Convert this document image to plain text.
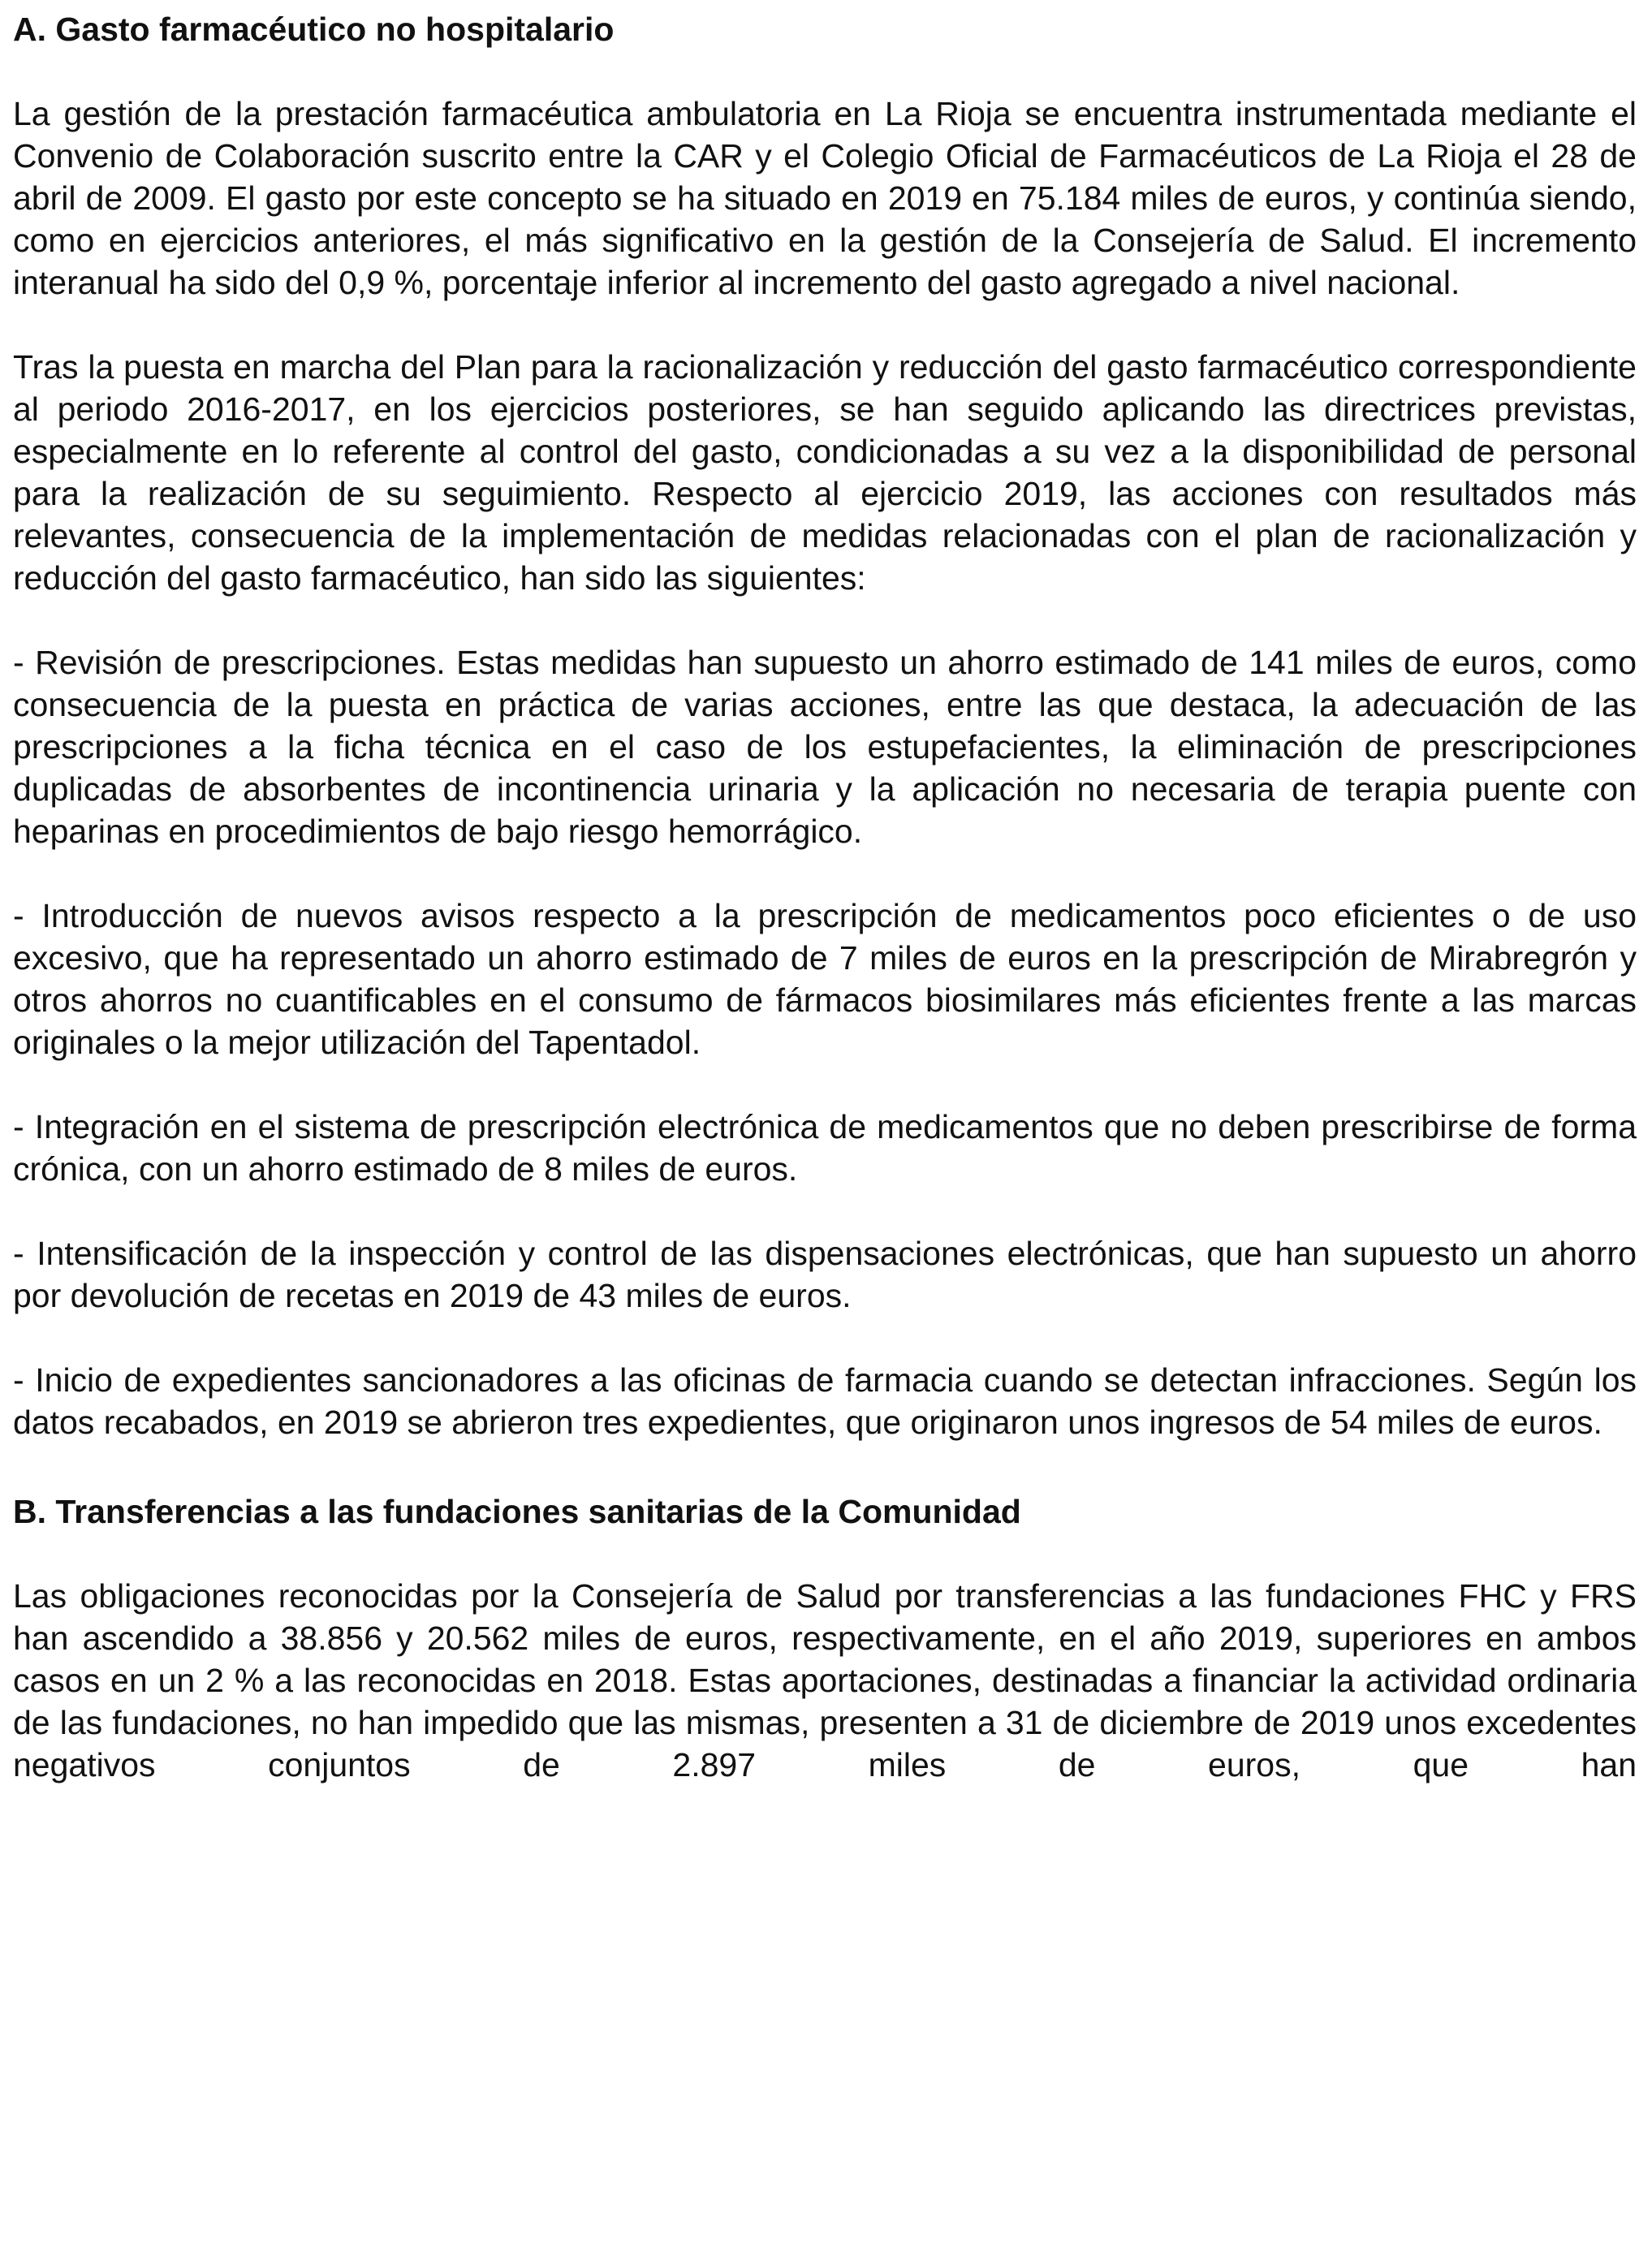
A. Gasto farmacéutico no hospitalario

La gestión de la prestación farmacéutica ambulatoria en La Rioja se encuentra instrumentada mediante el Convenio de Colaboración suscrito entre la CAR y el Colegio Oficial de Farmacéuticos de La Rioja el 28 de abril de 2009. El gasto por este concepto se ha situado en 2019 en 75.184 miles de euros, y continúa siendo, como en ejercicios anteriores, el más significativo en la gestión de la Consejería de Salud. El incremento interanual ha sido del 0,9 %, porcentaje inferior al incremento del gasto agregado a nivel nacional.

Tras la puesta en marcha del Plan para la racionalización y reducción del gasto farmacéutico correspondiente al periodo 2016-2017, en los ejercicios posteriores, se han seguido aplicando las directrices previstas, especialmente en lo referente al control del gasto, condicionadas a su vez a la disponibilidad de personal para la realización de su seguimiento. Respecto al ejercicio 2019, las acciones con resultados más relevantes, consecuencia de la implementación de medidas relacionadas con el plan de racionalización y reducción del gasto farmacéutico, han sido las siguientes:

- Revisión de prescripciones. Estas medidas han supuesto un ahorro estimado de 141 miles de euros, como consecuencia de la puesta en práctica de varias acciones, entre las que destaca, la adecuación de las prescripciones a la ficha técnica en el caso de los estupefacientes, la eliminación de prescripciones duplicadas de absorbentes de incontinencia urinaria y la aplicación no necesaria de terapia puente con heparinas en procedimientos de bajo riesgo hemorrágico.

- Introducción de nuevos avisos respecto a la prescripción de medicamentos poco eficientes o de uso excesivo, que ha representado un ahorro estimado de 7 miles de euros en la prescripción de Mirabregrón y otros ahorros no cuantificables en el consumo de fármacos biosimilares más eficientes frente a las marcas originales o la mejor utilización del Tapentadol.

- Integración en el sistema de prescripción electrónica de medicamentos que no deben prescribirse de forma crónica, con un ahorro estimado de 8 miles de euros.

- Intensificación de la inspección y control de las dispensaciones electrónicas, que han supuesto un ahorro por devolución de recetas en 2019 de 43 miles de euros.

- Inicio de expedientes sancionadores a las oficinas de farmacia cuando se detectan infracciones. Según los datos recabados, en 2019 se abrieron tres expedientes, que originaron unos ingresos de 54 miles de euros.

B. Transferencias a las fundaciones sanitarias de la Comunidad

Las obligaciones reconocidas por la Consejería de Salud por transferencias a las fundaciones FHC y FRS han ascendido a 38.856 y 20.562 miles de euros, respectivamente, en el año 2019, superiores en ambos casos en un 2 % a las reconocidas en 2018. Estas aportaciones, destinadas a financiar la actividad ordinaria de las fundaciones, no han impedido que las mismas, presenten a 31 de diciembre de 2019 unos excedentes negativos conjuntos de 2.897 miles de euros, que han
